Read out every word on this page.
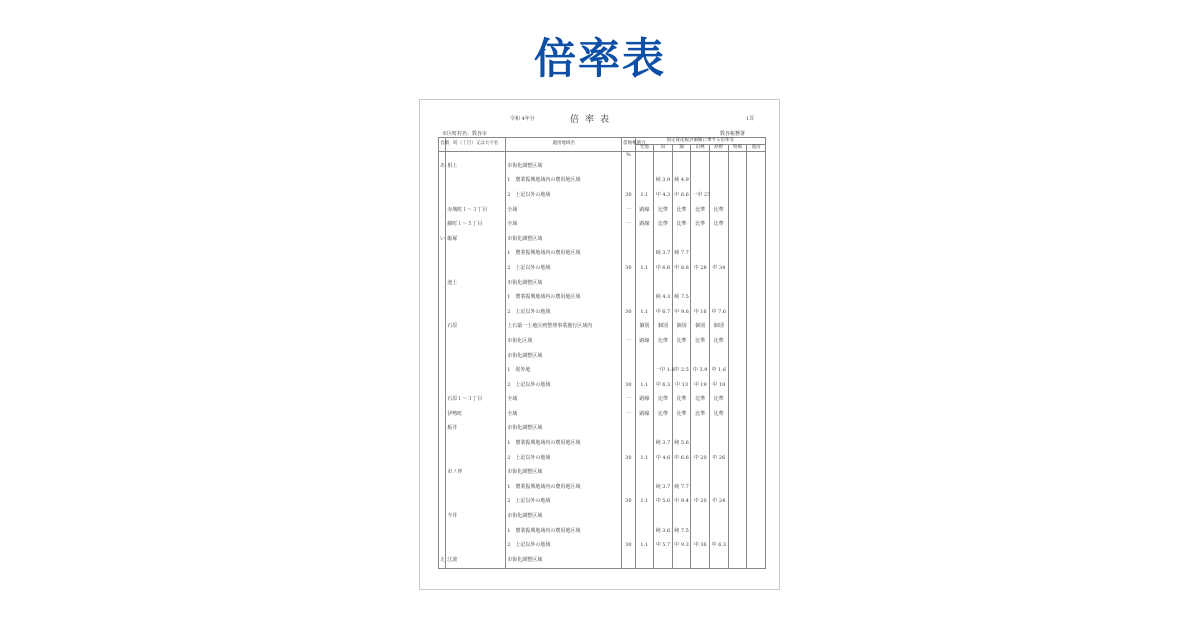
倍率表
令和 4年分	倍率表	1頁
市区町村名：数谷市	数谷税務署
音順	町（丁目）又は大字名	適用地域名	借地権割合	固定資産税評価額に乗ずる倍率等						
				宅地	田	畑	山林	原野	牧場	池沼
			%							
あ	相上	市街化調整区域								
		1　農業振興地域内の農用地区域			純 3.9	純 4.9				
		2　上記以外の地域	30	1.1	中 4.3	中 6.6	一中 27			
	赤城町１～３丁目	全域	一	路線	比準	比準	比準	比準		
	藤町１～５丁目	全域	一	路線	比準	比準	比準	比準		
い	飯塚	市街化調整区域								
		1　農業振興地域内の農用地区域			純 3.7	純 7.7				
		2　上記以外の地域	30	1.1	中 6.6	中 8.8	中 28	中 34		
	池上	市街化調整区域								
		1　農業振興地域内の農用地区域			純 4.3	純 7.5				
		2　上記以外の地域	30	1.1	中 6.7	中 9.6	中 16	中 7.6		
	石原	上石築一土地区画整理事業施行区域内		個別	個別	個別	個別	個別		
		市街化区域	一	路線	比準	比準	比準	比準		
		市街化調整区域								
		1　堤外地			一中 1.6	中 2.5	中 3.9	中 1.6		
		2　上記以外の地域	30	1.1	中 6.3	中 13	中 19	中 18		
	石原１～３丁目	全域	一	路線	比準	比準	比準	比準		
	伊勢町	全域	一	路線	比準	比準	比準	比準		
	板井	市街化調整区域								
		1　農業振興地域内の農用地区域			純 3.7	純 5.6				
		2　上記以外の地域	30	1.1	中 4.6	中 6.6	中 20	中 26		
	市ノ坪	市街化調整区域								
		1　農業振興地域内の農用地区域			純 3.7	純 7.7				
		2　上記以外の地域	30	1.1	中 5.6	中 9.4	中 20	中 24		
	今井	市街化調整区域								
		1　農業振興地域内の農用地区域			純 3.6	純 7.5				
		2　上記以外の地域	30	1.1	中 5.7	中 9.3	中 36	中 6.3		
え	江波	市街化調整区域								
